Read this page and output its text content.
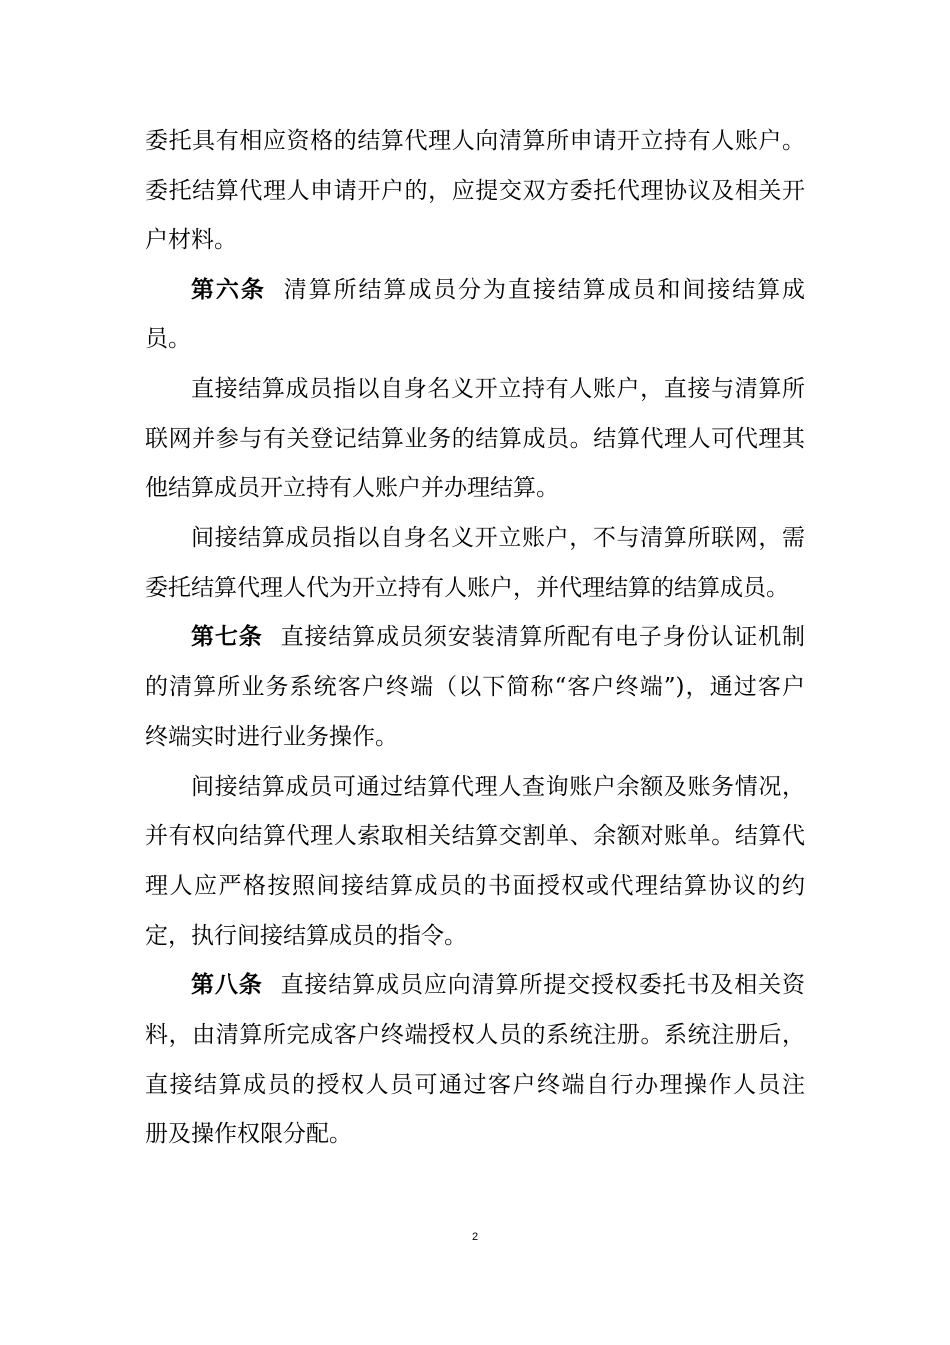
委托具有相应资格的结算代理人向清算所申请开立持有人账户。
委托结算代理人申请开户的，应提交双方委托代理协议及相关开
户材料。
第六条 清算所结算成员分为直接结算成员和间接结算成
员。
直接结算成员指以自身名义开立持有人账户，直接与清算所
联网并参与有关登记结算业务的结算成员。结算代理人可代理其
他结算成员开立持有人账户并办理结算。
间接结算成员指以自身名义开立账户，不与清算所联网，需
委托结算代理人代为开立持有人账户，并代理结算的结算成员。
第七条 直接结算成员须安装清算所配有电子身份认证机制
的清算所业务系统客户终端（以下简称“客户终端”)，通过客户
终端实时进行业务操作。
间接结算成员可通过结算代理人查询账户余额及账务情况，
并有权向结算代理人索取相关结算交割单、余额对账单。结算代
理人应严格按照间接结算成员的书面授权或代理结算协议的约
定，执行间接结算成员的指令。
第八条 直接结算成员应向清算所提交授权委托书及相关资
料，由清算所完成客户终端授权人员的系统注册。系统注册后，
直接结算成员的授权人员可通过客户终端自行办理操作人员注
册及操作权限分配。
2
